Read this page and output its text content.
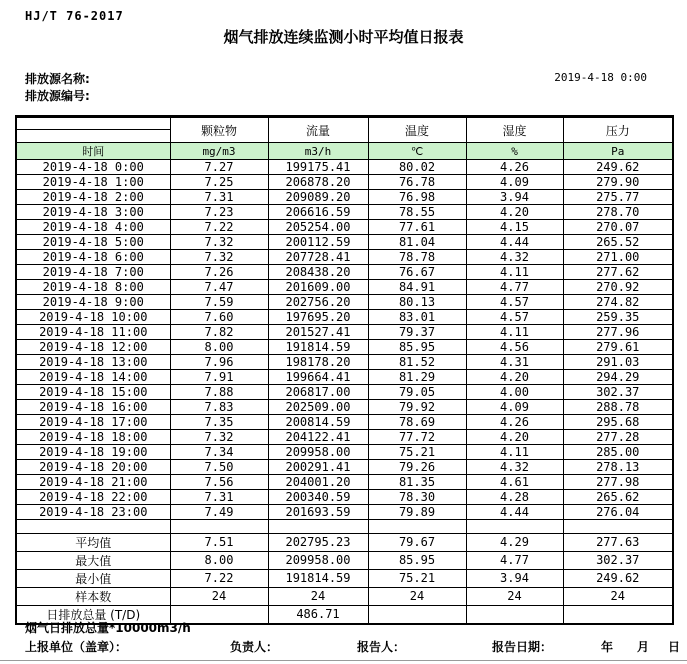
HJ/T 76-2017
烟气排放连续监测小时平均值日报表
排放源名称:	2019-4-18 0:00
排放源编号:
	颗粒物	流量	温度	湿度	压力

时间	mg/m3	m3/h	℃	%	Pa
2019-4-18 0:00	7.27	199175.41	80.02	4.26	249.62
2019-4-18 1:00	7.25	206878.20	76.78	4.09	279.90
2019-4-18 2:00	7.31	209089.20	76.98	3.94	275.77
2019-4-18 3:00	7.23	206616.59	78.55	4.20	278.70
2019-4-18 4:00	7.22	205254.00	77.61	4.15	270.07
2019-4-18 5:00	7.32	200112.59	81.04	4.44	265.52
2019-4-18 6:00	7.32	207728.41	78.78	4.32	271.00
2019-4-18 7:00	7.26	208438.20	76.67	4.11	277.62
2019-4-18 8:00	7.47	201609.00	84.91	4.77	270.92
2019-4-18 9:00	7.59	202756.20	80.13	4.57	274.82
2019-4-18 10:00	7.60	197695.20	83.01	4.57	259.35
2019-4-18 11:00	7.82	201527.41	79.37	4.11	277.96
2019-4-18 12:00	8.00	191814.59	85.95	4.56	279.61
2019-4-18 13:00	7.96	198178.20	81.52	4.31	291.03
2019-4-18 14:00	7.91	199664.41	81.29	4.20	294.29
2019-4-18 15:00	7.88	206817.00	79.05	4.00	302.37
2019-4-18 16:00	7.83	202509.00	79.92	4.09	288.78
2019-4-18 17:00	7.35	200814.59	78.69	4.26	295.68
2019-4-18 18:00	7.32	204122.41	77.72	4.20	277.28
2019-4-18 19:00	7.34	209958.00	75.21	4.11	285.00
2019-4-18 20:00	7.50	200291.41	79.26	4.32	278.13
2019-4-18 21:00	7.56	204001.20	81.35	4.61	277.98
2019-4-18 22:00	7.31	200340.59	78.30	4.28	265.62
2019-4-18 23:00	7.49	201693.59	79.89	4.44	276.04

平均值	7.51	202795.23	79.67	4.29	277.63
最大值	8.00	209958.00	85.95	4.77	302.37
最小值	7.22	191814.59	75.21	3.94	249.62
样本数	24	24	24	24	24
日排放总量 (T/D)		486.71			
烟气日排放总量*10000m3/h
上报单位（盖章）：	负责人：	报告人：	报告日期：	年 月 日
